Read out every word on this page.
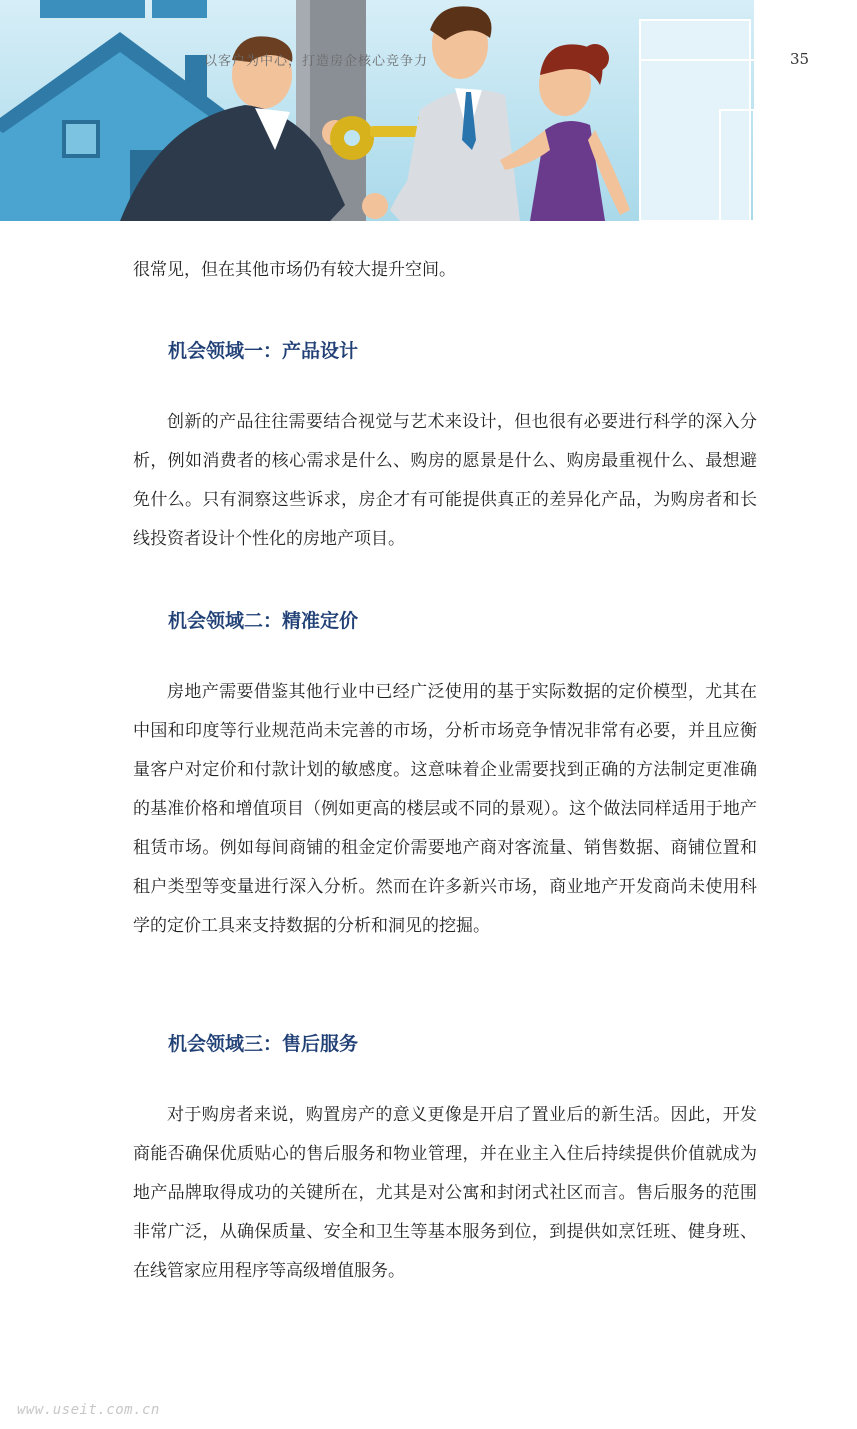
以客户为中心，打造房企核心竞争力	35

很常见，但在其他市场仍有较大提升空间。

机会领域一：产品设计

创新的产品往往需要结合视觉与艺术来设计，但也很有必要进行科学的深入分析，例如消费者的核心需求是什么、购房的愿景是什么、购房最重视什么、最想避免什么。只有洞察这些诉求，房企才有可能提供真正的差异化产品，为购房者和长线投资者设计个性化的房地产项目。

机会领域二：精准定价

房地产需要借鉴其他行业中已经广泛使用的基于实际数据的定价模型，尤其在中国和印度等行业规范尚未完善的市场，分析市场竞争情况非常有必要，并且应衡量客户对定价和付款计划的敏感度。这意味着企业需要找到正确的方法制定更准确的基准价格和增值项目（例如更高的楼层或不同的景观）。这个做法同样适用于地产租赁市场。例如每间商铺的租金定价需要地产商对客流量、销售数据、商铺位置和租户类型等变量进行深入分析。然而在许多新兴市场，商业地产开发商尚未使用科学的定价工具来支持数据的分析和洞见的挖掘。

机会领域三：售后服务

对于购房者来说，购置房产的意义更像是开启了置业后的新生活。因此，开发商能否确保优质贴心的售后服务和物业管理，并在业主入住后持续提供价值就成为地产品牌取得成功的关键所在，尤其是对公寓和封闭式社区而言。售后服务的范围非常广泛，从确保质量、安全和卫生等基本服务到位，到提供如烹饪班、健身班、在线管家应用程序等高级增值服务。

www.useit.com.cn
